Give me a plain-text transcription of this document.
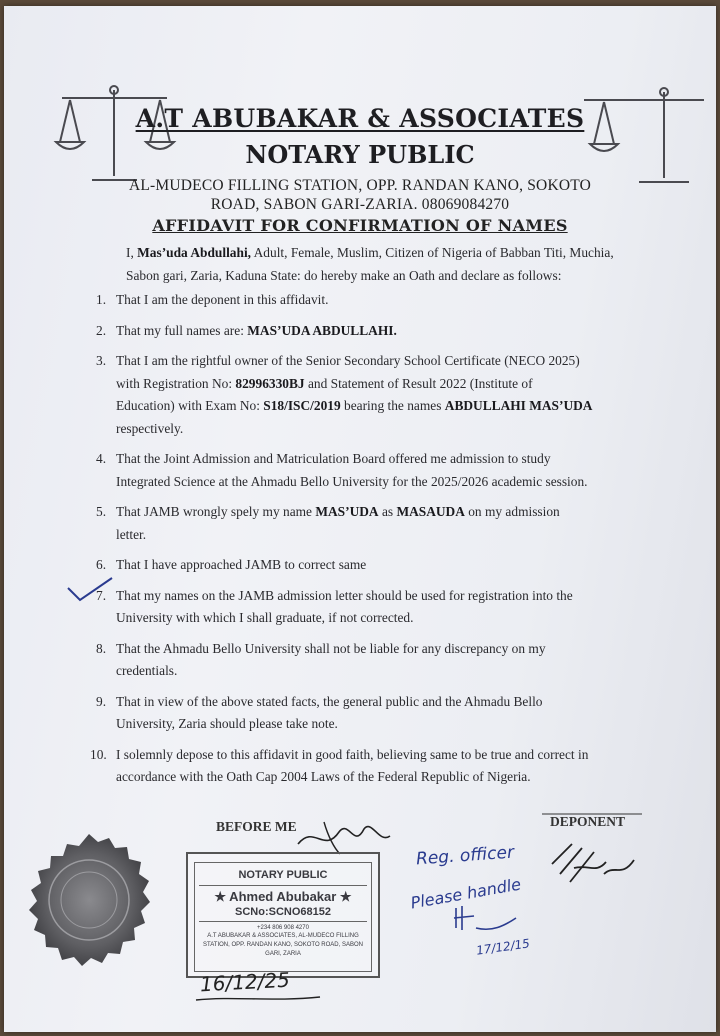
A.T ABUBAKAR & ASSOCIATES
NOTARY PUBLIC
AL-MUDECO FILLING STATION, OPP. RANDAN KANO, SOKOTO
ROAD, SABON GARI-ZARIA. 08069084270
AFFIDAVIT FOR CONFIRMATION OF NAMES
I, Mas’uda Abdullahi, Adult, Female, Muslim, Citizen of Nigeria of Babban Titi, Muchia,
Sabon gari, Zaria, Kaduna State: do hereby make an Oath and declare as follows:
1. That I am the deponent in this affidavit.
2. That my full names are: MAS’UDA ABDULLAHI.
3. That I am the rightful owner of the Senior Secondary School Certificate (NECO 2025)
with Registration No: 82996330BJ and Statement of Result 2022 (Institute of
Education) with Exam No: S18/ISC/2019 bearing the names ABDULLAHI MAS’UDA
respectively.
4. That the Joint Admission and Matriculation Board offered me admission to study
Integrated Science at the Ahmadu Bello University for the 2025/2026 academic session.
5. That JAMB wrongly spely my name MAS’UDA as MASAUDA on my admission
letter.
6. That I have approached JAMB to correct same
7. That my names on the JAMB admission letter should be used for registration into the
University with which I shall graduate, if not corrected.
8. That the Ahmadu Bello University shall not be liable for any discrepancy on my
credentials.
9. That in view of the above stated facts, the general public and the Ahmadu Bello
University, Zaria should please take note.
10. I solemnly depose to this affidavit in good faith, believing same to be true and correct in
accordance with the Oath Cap 2004 Laws of the Federal Republic of Nigeria.
BEFORE ME	DEPONENT
NOTARY PUBLIC
★ Ahmed Abubakar ★
SCNo:SCNO68152
+234 806 908 4270
A.T ABUBAKAR & ASSOCIATES, AL-MUDECO FILLING
STATION, OPP. RANDAN KANO, SOKOTO ROAD, SABON
GARI, ZARIA
16/12/25
Reg. officer
Please handle
17/12/15
